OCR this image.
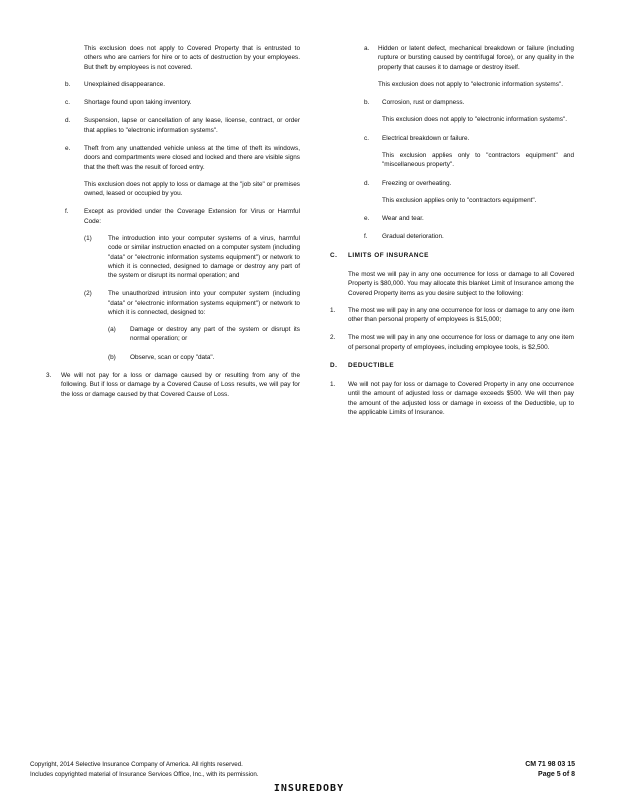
This exclusion does not apply to Covered Property that is entrusted to others who are carriers for hire or to acts of destruction by your employees. But theft by employees is not covered.

b. Unexplained disappearance.
c. Shortage found upon taking inventory.
d. Suspension, lapse or cancellation of any lease, license, contract, or order that applies to "electronic information systems".
e. Theft from any unattended vehicle unless at the time of theft its windows, doors and compartments were closed and locked and there are visible signs that the theft was the result of forced entry.
This exclusion does not apply to loss or damage at the "job site" or premises owned, leased or occupied by you.
f. Except as provided under the Coverage Extension for Virus or Harmful Code:
(1)	The introduction into your computer systems of a virus, harmful code or similar instruction enacted on a computer system (including "data" or "electronic information systems equipment") or network to which it is connected, designed to damage or destroy any part of the system or disrupt its normal operation; and
(2)	The unauthorized intrusion into your computer system (including "data" or "electronic information systems equipment") or network to which it is connected, designed to:
(a) Damage or destroy any part of the system or disrupt its normal operation; or
(b) Observe, scan or copy "data".
3. We will not pay for a loss or damage caused by or resulting from any of the following. But if loss or damage by a Covered Cause of Loss results, we will pay for the loss or damage caused by that Covered Cause of Loss.
a. Hidden or latent defect, mechanical breakdown or failure (including rupture or bursting caused by centrifugal force), or any quality in the property that causes it to damage or destroy itself.
This exclusion does not apply to "electronic information systems".
b. Corrosion, rust or dampness.
This exclusion does not apply to "electronic information systems".
c. Electrical breakdown or failure.
This exclusion applies only to "contractors equipment" and "miscellaneous property".
d. Freezing or overheating.
This exclusion applies only to "contractors equipment".
e. Wear and tear.
f. Gradual deterioration.
C. LIMITS OF INSURANCE
The most we will pay in any one occurrence for loss or damage to all Covered Property is $80,000. You may allocate this blanket Limit of Insurance among the Covered Property items as you desire subject to the following:
1. The most we will pay in any one occurrence for loss or damage to any one item other than personal property of employees is $15,000;
2. The most we will pay in any one occurrence for loss or damage to any one item of personal property of employees, including employee tools, is $2,500.
D. DEDUCTIBLE
1. We will not pay for loss or damage to Covered Property in any one occurrence until the amount of adjusted loss or damage exceeds $500. We will then pay the amount of the adjusted loss or damage in excess of the Deductible, up to the applicable Limits of Insurance.
Copyright, 2014 Selective Insurance Company of America. All rights reserved.
Includes copyrighted material of Insurance Services Office, Inc., with its permission.
CM 71 98 03 15
Page 5 of 8
INSUREDOBY
